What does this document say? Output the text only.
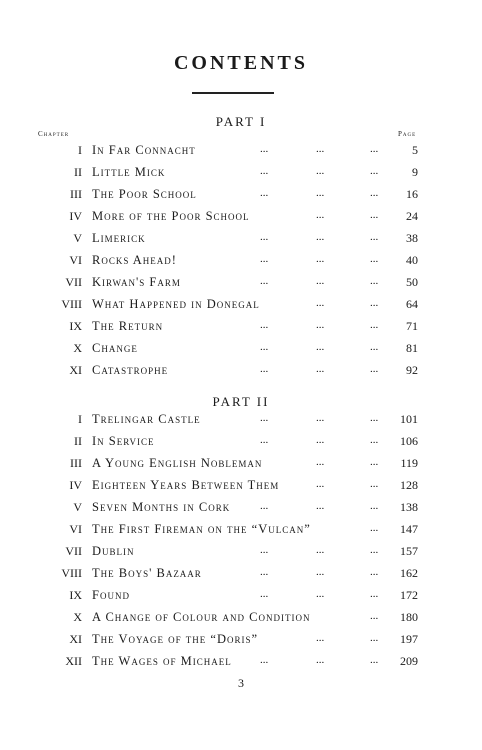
CONTENTS
PART I
Chapter	Page
I In Far Connacht	5
...	...	...
II Little Mick	9
...	...	...
III The Poor School	16
...	...	...
IV More of the Poor School	24
...	...
V Limerick	38
...	...	...
VI Rocks Ahead!	40
...	...	...
VII Kirwan's Farm	50
...	...	...
VIII What Happened in Donegal	64
...	...
IX The Return	71
...	...	...
X Change	81
...	...	...
XI Catastrophe	92
...	...	...
PART II
I Trelingar Castle	101
...	...	...
II In Service	106
...	...	...
III A Young English Nobleman	119
...	...
IV Eighteen Years Between Them	128
...	...
V Seven Months in Cork	138
...	...	...
VI The First Fireman on the “Vulcan”	147
...
VII Dublin	157
...	...	...
VIII The Boys' Bazaar	162
...	...	...
IX Found	172
...	...	...
X A Change of Colour and Condition	180
...
XI The Voyage of the “Doris”	197
...	...
XII The Wages of Michael	209
...	...	...
3
